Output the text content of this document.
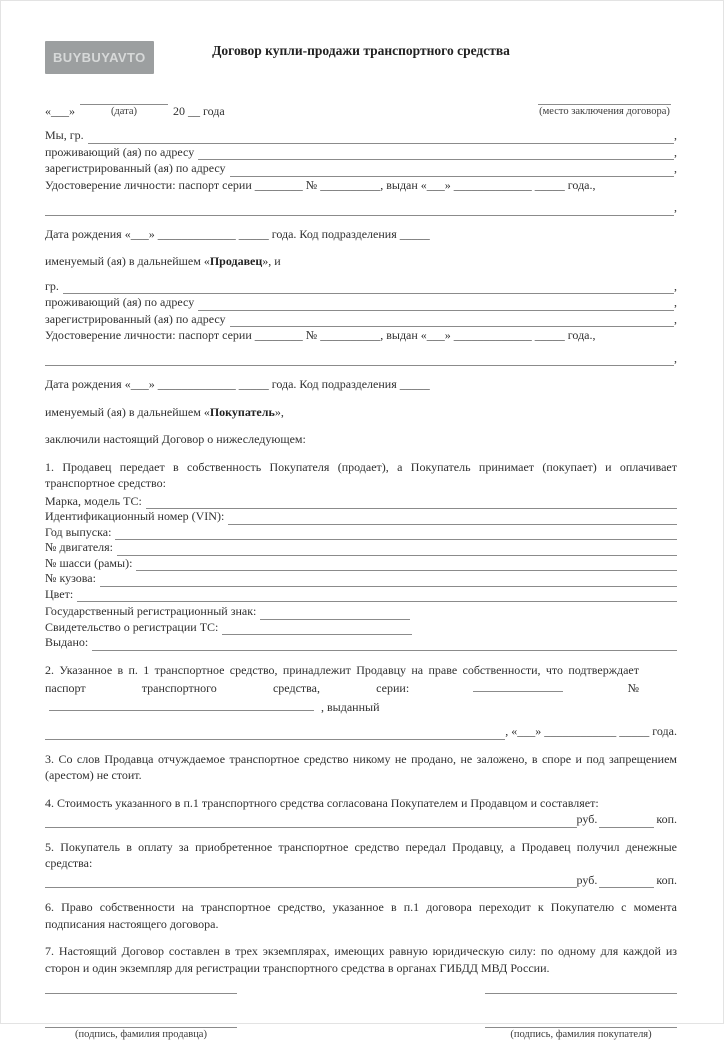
BUYBUYAVTO	Договор купли-продажи транспортного средства
«___»	(дата)	20 __ года	(место заключения договора)
Мы, гр.	,
проживающий (ая) по адресу	,
зарегистрированный (ая) по адресу	,
Удостоверение личности: паспорт серии ________ № __________, выдан «___» _____________ _____ года.,
,
Дата рождения «___» _____________ _____ года. Код подразделения _____
именуемый (ая) в дальнейшем «Продавец», и
гр.	,
проживающий (ая) по адресу	,
зарегистрированный (ая) по адресу	,
Удостоверение личности: паспорт серии ________ № __________, выдан «___» _____________ _____ года.,
,
Дата рождения «___» _____________ _____ года. Код подразделения _____
именуемый (ая) в дальнейшем «Покупатель»,
заключили настоящий Договор о нижеследующем:
1. Продавец передает в собственность Покупателя (продает), а Покупатель принимает (покупает) и оплачивает транспортное средство:
Марка, модель ТС:
Идентификационный номер (VIN):
Год выпуска:
№ двигателя:
№ шасси (рамы):
№ кузова:
Цвет:
Государственный регистрационный знак:
Свидетельство о регистрации ТС:
Выдано:
2. Указанное в п. 1 транспортное средство, принадлежит Продавцу на праве собственности, что подтверждает паспорт транспортного средства, серии:	№  , выданный
, «___» ____________ _____ года.
3. Со слов Продавца отчуждаемое транспортное средство никому не продано, не заложено, в споре и под запрещением (арестом) не стоит.
4. Стоимость указанного в п.1 транспортного средства согласована Покупателем и Продавцом и составляет:
руб.	коп.
5. Покупатель в оплату за приобретенное транспортное средство передал Продавцу, а Продавец получил денежные средства:
руб.	коп.
6. Право собственности на транспортное средство, указанное в п.1 договора переходит к Покупателю с момента подписания настоящего договора.
7. Настоящий Договор составлен в трех экземплярах, имеющих равную юридическую силу: по одному для каждой из сторон и один экземпляр для регистрации транспортного средства в органах ГИБДД МВД России.
(подпись, фамилия продавца)	(подпись, фамилия покупателя)
